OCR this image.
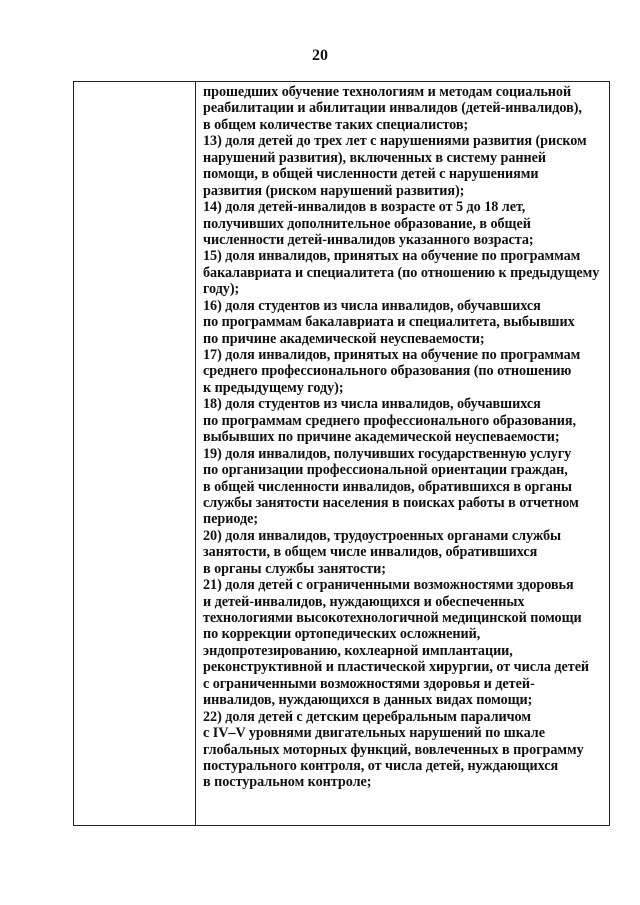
20
прошедших обучение технологиям и методам социальной
реабилитации и абилитации инвалидов (детей-инвалидов),
в общем количестве таких специалистов;
13) доля детей до трех лет с нарушениями развития (риском
нарушений развития), включенных в систему ранней
помощи, в общей численности детей с нарушениями
развития (риском нарушений развития);
14) доля детей-инвалидов в возрасте от 5 до 18 лет,
получивших дополнительное образование, в общей
численности детей-инвалидов указанного возраста;
15) доля инвалидов, принятых на обучение по программам
бакалавриата и специалитета (по отношению к предыдущему
году);
16) доля студентов из числа инвалидов, обучавшихся
по программам бакалавриата и специалитета, выбывших
по причине академической неуспеваемости;
17) доля инвалидов, принятых на обучение по программам
среднего профессионального образования (по отношению
к предыдущему году);
18) доля студентов из числа инвалидов, обучавшихся
по программам среднего профессионального образования,
выбывших по причине академической неуспеваемости;
19) доля инвалидов, получивших государственную услугу
по организации профессиональной ориентации граждан,
в общей численности инвалидов, обратившихся в органы
службы занятости населения в поисках работы в отчетном
периоде;
20) доля инвалидов, трудоустроенных органами службы
занятости, в общем числе инвалидов, обратившихся
в органы службы занятости;
21) доля детей с ограниченными возможностями здоровья
и детей-инвалидов, нуждающихся и обеспеченных
технологиями высокотехнологичной медицинской помощи
по коррекции ортопедических осложнений,
эндопротезированию, кохлеарной имплантации,
реконструктивной и пластической хирургии, от числа детей
с ограниченными возможностями здоровья и детей-
инвалидов, нуждающихся в данных видах помощи;
22) доля детей с детским церебральным параличом
с IV–V уровнями двигательных нарушений по шкале
глобальных моторных функций, вовлеченных в программу
постурального контроля, от числа детей, нуждающихся
в постуральном контроле;
